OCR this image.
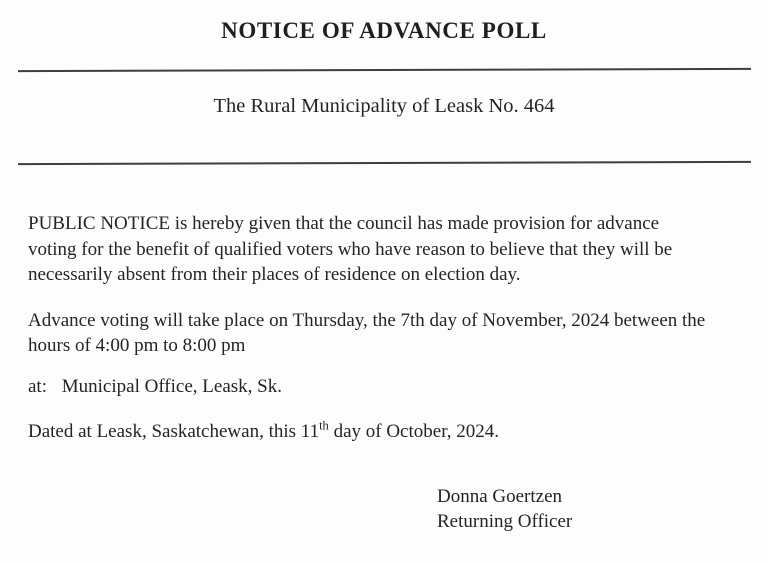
NOTICE OF ADVANCE POLL
The Rural Municipality of Leask No. 464
PUBLIC NOTICE is hereby given that the council has made provision for advance
voting for the benefit of qualified voters who have reason to believe that they will be
necessarily absent from their places of residence on election day.
Advance voting will take place on Thursday, the 7th day of November, 2024 between the
hours of 4:00 pm to 8:00 pm
at: Municipal Office, Leask, Sk.
Dated at Leask, Saskatchewan, this 11th day of October, 2024.
Donna Goertzen
Returning Officer
